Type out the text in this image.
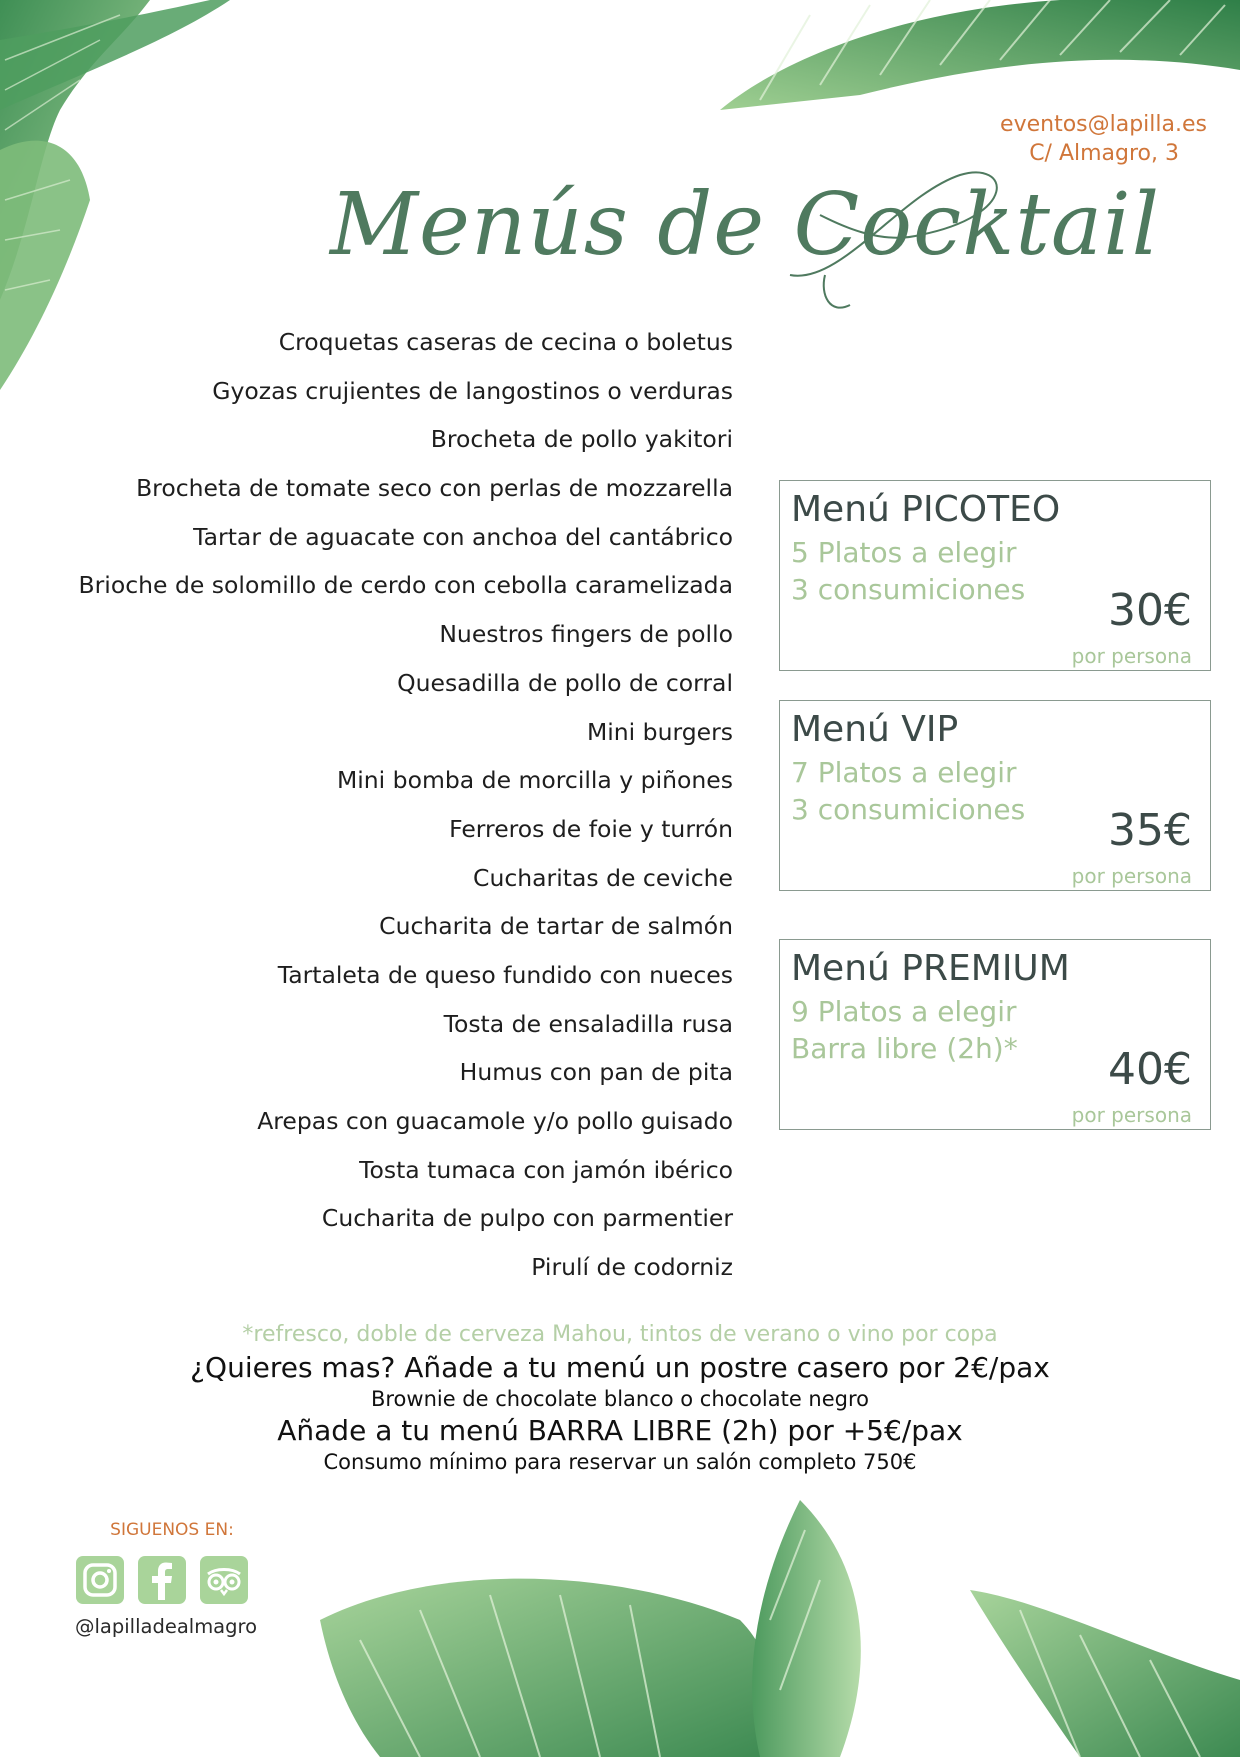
eventos@lapilla.es
C/ Almagro, 3
Menús de Cocktail
Croquetas caseras de cecina o boletus
Gyozas crujientes de langostinos o verduras
Brocheta de pollo yakitori
Brocheta de tomate seco con perlas de mozzarella
Tartar de aguacate con anchoa del cantábrico
Brioche de solomillo de cerdo con cebolla caramelizada
Nuestros fingers de pollo
Quesadilla de pollo de corral
Mini burgers
Mini bomba de morcilla y piñones
Ferreros de foie y turrón
Cucharitas de ceviche
Cucharita de tartar de salmón
Tartaleta de queso fundido con nueces
Tosta de ensaladilla rusa
Humus con pan de pita
Arepas con guacamole y/o pollo guisado
Tosta tumaca con jamón ibérico
Cucharita de pulpo con parmentier
Pirulí de codorniz
Menú PICOTEO
5 Platos a elegir
3 consumiciones 30€
por persona
Menú VIP
7 Platos a elegir
3 consumiciones 35€
por persona
Menú PREMIUM
9 Platos a elegir
Barra libre (2h)* 40€
por persona
*refresco, doble de cerveza Mahou, tintos de verano o vino por copa
¿Quieres mas? Añade a tu menú un postre casero por 2€/pax
Brownie de chocolate blanco o chocolate negro
Añade a tu menú BARRA LIBRE (2h) por +5€/pax
Consumo mínimo para reservar un salón completo 750€
SIGUENOS EN:
@lapilladealmagro
